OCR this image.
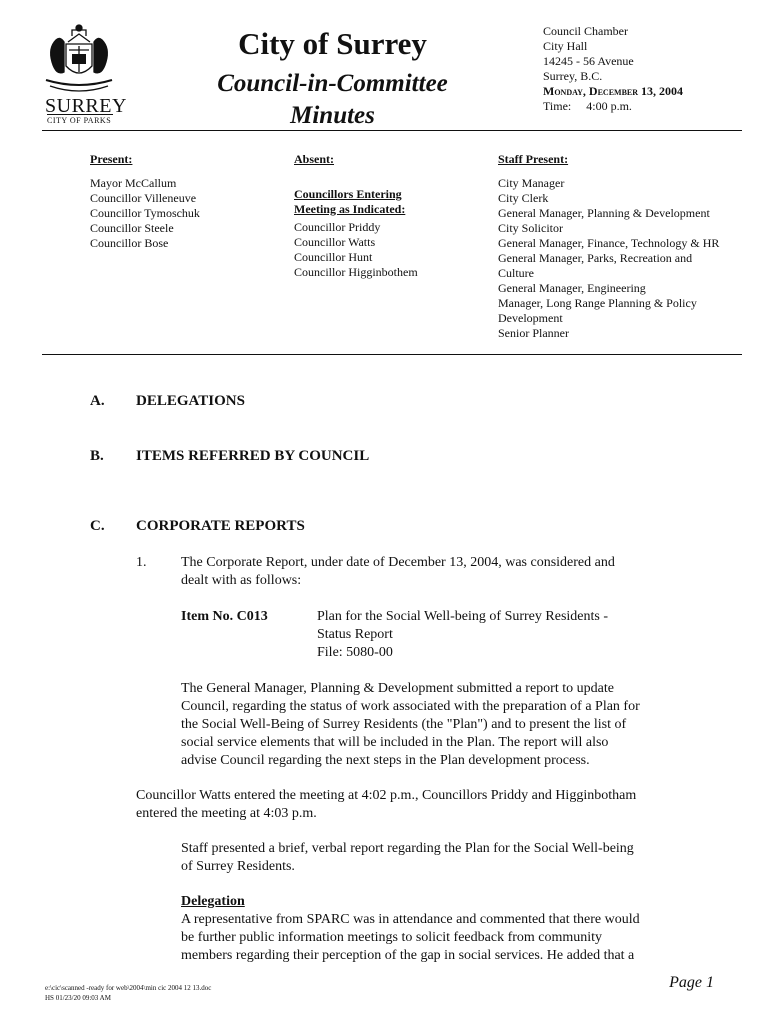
SURREY
CITY OF PARKS
City of Surrey
Council-in-Committee
Minutes
Council Chamber
City Hall
14245 - 56 Avenue
Surrey, B.C.
Monday, December 13, 2004
Time: 4:00 p.m.
Present:
Mayor McCallum
Councillor Villeneuve
Councillor Tymoschuk
Councillor Steele
Councillor Bose
Absent:
Councillors Entering
Meeting as Indicated:
Councillor Priddy
Councillor Watts
Councillor Hunt
Councillor Higginbothem
Staff Present:
City Manager
City Clerk
General Manager, Planning & Development
City Solicitor
General Manager, Finance, Technology & HR
General Manager, Parks, Recreation and
Culture
General Manager, Engineering
Manager, Long Range Planning & Policy
Development
Senior Planner
A. DELEGATIONS
B. ITEMS REFERRED BY COUNCIL
C. CORPORATE REPORTS
1. The Corporate Report, under date of December 13, 2004, was considered and

dealt with as follows:

Item No. C013	Plan for the Social Well-being of Surrey Residents -

Status Report

File: 5080-00

The General Manager, Planning & Development submitted a report to update

Council, regarding the status of work associated with the preparation of a Plan for

the Social Well-Being of Surrey Residents (the "Plan") and to present the list of

social service elements that will be included in the Plan. The report will also

advise Council regarding the next steps in the Plan development process.

Councillor Watts entered the meeting at 4:02 p.m., Councillors Priddy and Higginbotham

entered the meeting at 4:03 p.m.

Staff presented a brief, verbal report regarding the Plan for the Social Well-being

of Surrey Residents.

Delegation

A representative from SPARC was in attendance and commented that there would

be further public information meetings to solicit feedback from community

members regarding their perception of the gap in social services. He added that a

e:\cic\scanned -ready for web\2004\min cic 2004 12 13.doc
HS 01/23/20 09:03 AM
Page 1
